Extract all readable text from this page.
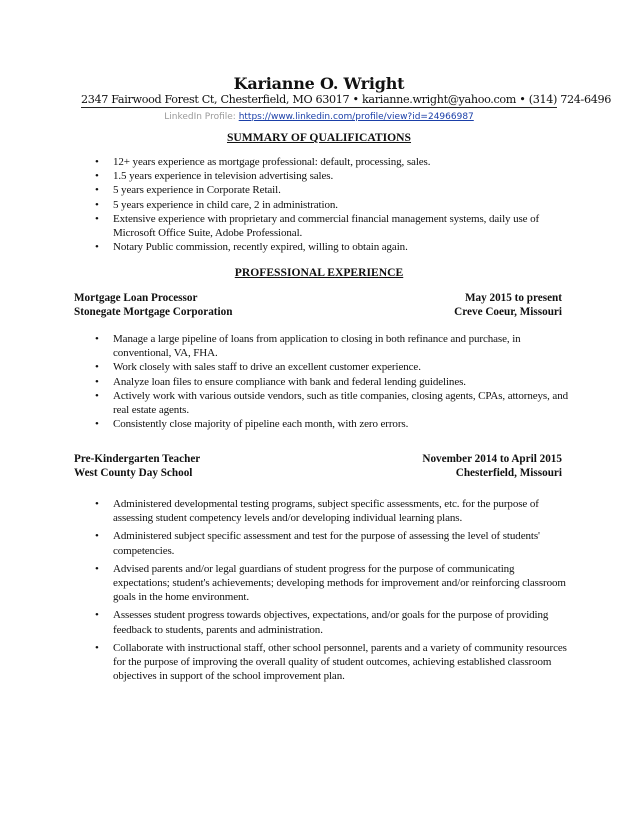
Karianne O. Wright
2347 Fairwood Forest Ct, Chesterfield, MO 63017 • karianne.wright@yahoo.com • (314) 724-6496
LinkedIn Profile: https://www.linkedin.com/profile/view?id=24966987
SUMMARY OF QUALIFICATIONS
• 12+ years experience as mortgage professional: default, processing, sales.
• 1.5 years experience in television advertising sales.
• 5 years experience in Corporate Retail.
• 5 years experience in child care, 2 in administration.
• Extensive experience with proprietary and commercial financial management systems, daily use of Microsoft Office Suite, Adobe Professional.
• Notary Public commission, recently expired, willing to obtain again.
PROFESSIONAL EXPERIENCE
Mortgage Loan Processor	May 2015 to present
Stonegate Mortgage Corporation	Creve Coeur, Missouri
• Manage a large pipeline of loans from application to closing in both refinance and purchase, in conventional, VA, FHA.
• Work closely with sales staff to drive an excellent customer experience.
• Analyze loan files to ensure compliance with bank and federal lending guidelines.
• Actively work with various outside vendors, such as title companies, closing agents, CPAs, attorneys, and real estate agents.
• Consistently close majority of pipeline each month, with zero errors.
Pre-Kindergarten Teacher	November 2014 to April 2015
West County Day School	Chesterfield, Missouri
• Administered developmental testing programs, subject specific assessments, etc. for the purpose of assessing student competency levels and/or developing individual learning plans.
• Administered subject specific assessment and test for the purpose of assessing the level of students' competencies.
• Advised parents and/or legal guardians of student progress for the purpose of communicating expectations; student's achievements; developing methods for improvement and/or reinforcing classroom goals in the home environment.
• Assesses student progress towards objectives, expectations, and/or goals for the purpose of providing feedback to students, parents and administration.
• Collaborate with instructional staff, other school personnel, parents and a variety of community resources for the purpose of improving the overall quality of student outcomes, achieving established classroom objectives in support of the school improvement plan.
